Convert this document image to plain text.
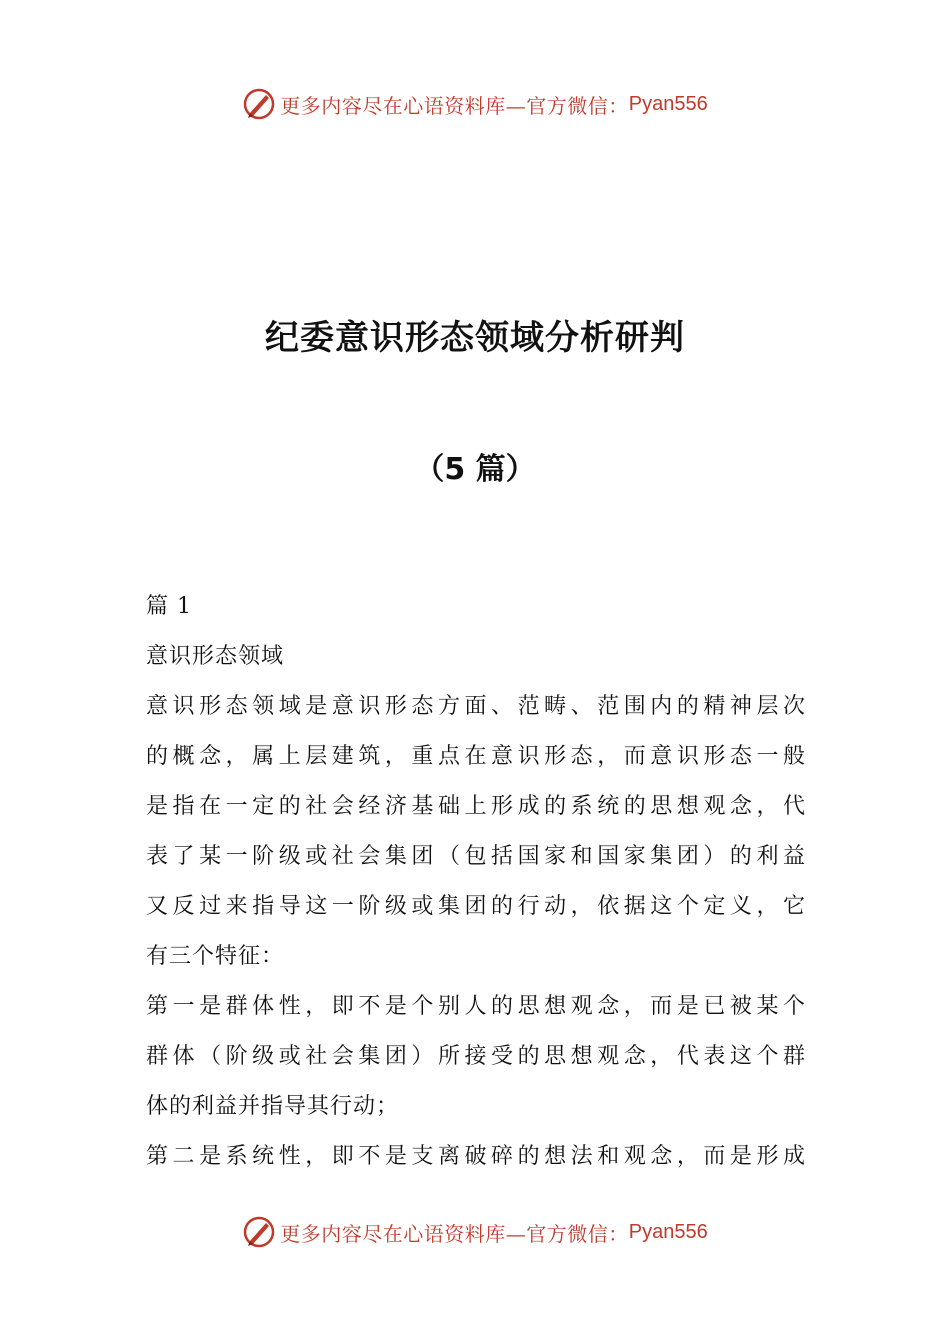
更多内容尽在心语资料库—官方微信： Pyan556
纪委意识形态领域分析研判
（5 篇）
篇 1
意识形态领域
意识形态领域是意识形态方面、范畴、范围内的精神层次
的概念，属上层建筑，重点在意识形态，而意识形态一般
是指在一定的社会经济基础上形成的系统的思想观念，代
表了某一阶级或社会集团（包括国家和国家集团）的利益
又反过来指导这一阶级或集团的行动，依据这个定义，它
有三个特征：
第一是群体性，即不是个别人的思想观念，而是已被某个
群体（阶级或社会集团）所接受的思想观念，代表这个群
体的利益并指导其行动；
第二是系统性，即不是支离破碎的想法和观念，而是形成
更多内容尽在心语资料库—官方微信： Pyan556
